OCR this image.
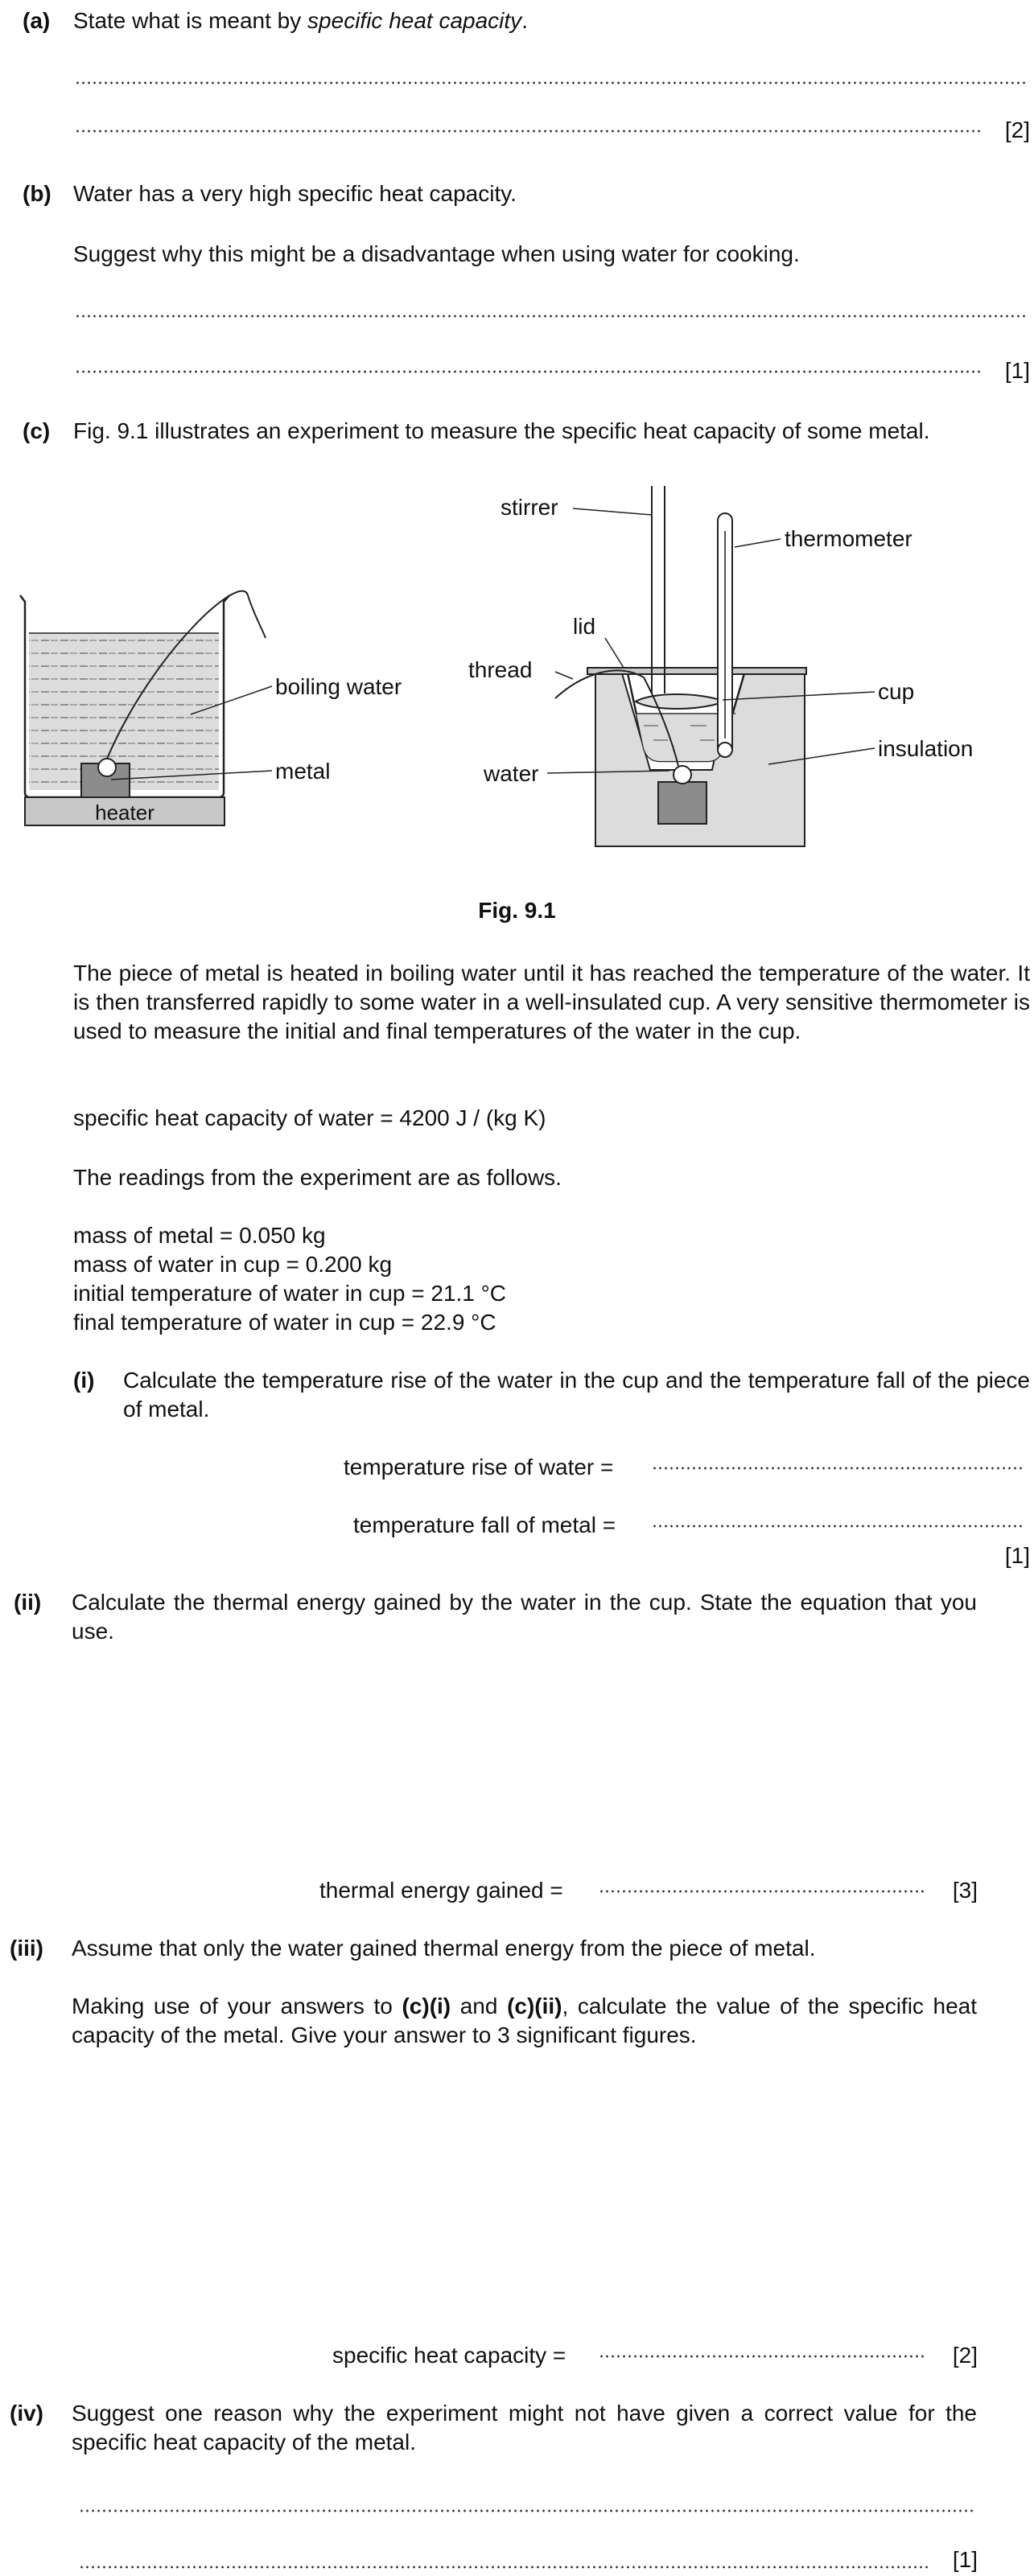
(a) State what is meant by specific heat capacity.
[2]
(b) Water has a very high specific heat capacity.
Suggest why this might be a disadvantage when using water for cooking.
[1]
(c) Fig. 9.1 illustrates an experiment to measure the specific heat capacity of some metal.
heater
boiling water
metal
stirrer
thermometer
lid
thread
cup
insulation
water
Fig. 9.1
The piece of metal is heated in boiling water until it has reached the temperature of the water. It is then transferred rapidly to some water in a well-insulated cup. A very sensitive thermometer is used to measure the initial and final temperatures of the water in the cup.
specific heat capacity of water = 4200 J / (kg K)
The readings from the experiment are as follows.
mass of metal = 0.050 kg
mass of water in cup = 0.200 kg
initial temperature of water in cup = 21.1 °C
final temperature of water in cup = 22.9 °C
(i) Calculate the temperature rise of the water in the cup and the temperature fall of the piece of metal.
temperature rise of water =
temperature fall of metal =
[1]
(ii) Calculate the thermal energy gained by the water in the cup. State the equation that you use.
thermal energy gained =	[3]
(iii) Assume that only the water gained thermal energy from the piece of metal.
Making use of your answers to (c)(i) and (c)(ii), calculate the value of the specific heat capacity of the metal. Give your answer to 3 significant figures.
specific heat capacity =	[2]
(iv) Suggest one reason why the experiment might not have given a correct value for the specific heat capacity of the metal.
[1]
